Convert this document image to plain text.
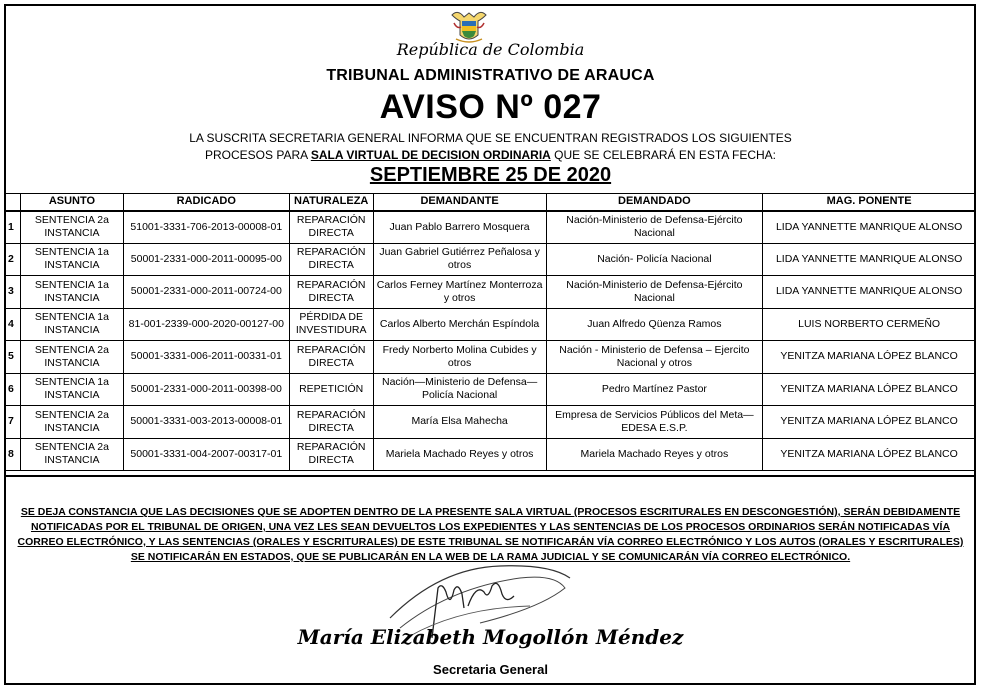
República de Colombia
TRIBUNAL ADMINISTRATIVO DE ARAUCA
AVISO Nº 027
LA SUSCRITA SECRETARIA GENERAL INFORMA QUE SE ENCUENTRAN REGISTRADOS LOS SIGUIENTES
PROCESOS PARA SALA VIRTUAL DE DECISION ORDINARIA QUE SE CELEBRARÁ EN ESTA FECHA:
SEPTIEMBRE 25 DE 2020
	ASUNTO	RADICADO	NATURALEZA	DEMANDANTE	DEMANDADO	MAG. PONENTE
1	SENTENCIA 2a INSTANCIA	51001-3331-706-2013-00008-01	REPARACIÓN DIRECTA	Juan Pablo Barrero Mosquera	Nación-Ministerio de Defensa-Ejército Nacional	LIDA YANNETTE MANRIQUE ALONSO
2	SENTENCIA 1a INSTANCIA	50001-2331-000-2011-00095-00	REPARACIÓN DIRECTA	Juan Gabriel Gutiérrez Peñalosa y otros	Nación- Policía Nacional	LIDA YANNETTE MANRIQUE ALONSO
3	SENTENCIA 1a INSTANCIA	50001-2331-000-2011-00724-00	REPARACIÓN DIRECTA	Carlos Ferney Martínez Monterroza y otros	Nación-Ministerio de Defensa-Ejército Nacional	LIDA YANNETTE MANRIQUE ALONSO
4	SENTENCIA 1a INSTANCIA	81-001-2339-000-2020-00127-00	PÉRDIDA DE INVESTIDURA	Carlos Alberto Merchán Espíndola	Juan Alfredo Qüenza Ramos	LUIS NORBERTO CERMEÑO
5	SENTENCIA 2a INSTANCIA	50001-3331-006-2011-00331-01	REPARACIÓN DIRECTA	Fredy Norberto Molina Cubides y otros	Nación - Ministerio de Defensa – Ejercito Nacional y otros	YENITZA MARIANA LÓPEZ BLANCO
6	SENTENCIA 1a INSTANCIA	50001-2331-000-2011-00398-00	REPETICIÓN	Nación—Ministerio de Defensa—Policía Nacional	Pedro Martínez Pastor	YENITZA MARIANA LÓPEZ BLANCO
7	SENTENCIA 2a INSTANCIA	50001-3331-003-2013-00008-01	REPARACIÓN DIRECTA	María Elsa Mahecha	Empresa de Servicios Públicos del Meta—EDESA E.S.P.	YENITZA MARIANA LÓPEZ BLANCO
8	SENTENCIA 2a INSTANCIA	50001-3331-004-2007-00317-01	REPARACIÓN DIRECTA	Mariela Machado Reyes y otros	Mariela Machado Reyes y otros	YENITZA MARIANA LÓPEZ BLANCO
SE DEJA CONSTANCIA QUE LAS DECISIONES QUE SE ADOPTEN DENTRO DE LA PRESENTE SALA VIRTUAL (PROCESOS ESCRITURALES EN DESCONGESTIÓN), SERÁN DEBIDAMENTE NOTIFICADAS POR EL TRIBUNAL DE ORIGEN, UNA VEZ LES SEAN DEVUELTOS LOS EXPEDIENTES Y LAS SENTENCIAS DE LOS PROCESOS ORDINARIOS SERÁN NOTIFICADAS VÍA CORREO ELECTRÓNICO, Y LAS SENTENCIAS (ORALES Y ESCRITURALES) DE ESTE TRIBUNAL SE NOTIFICARÁN VÍA CORREO ELECTRÓNICO Y LOS AUTOS (ORALES Y ESCRITURALES) SE NOTIFICARÁN EN ESTADOS, QUE SE PUBLICARÁN EN LA WEB DE LA RAMA JUDICIAL Y SE COMUNICARÁN VÍA CORREO ELECTRÓNICO.
María Elizabeth Mogollón Méndez
Secretaria General
